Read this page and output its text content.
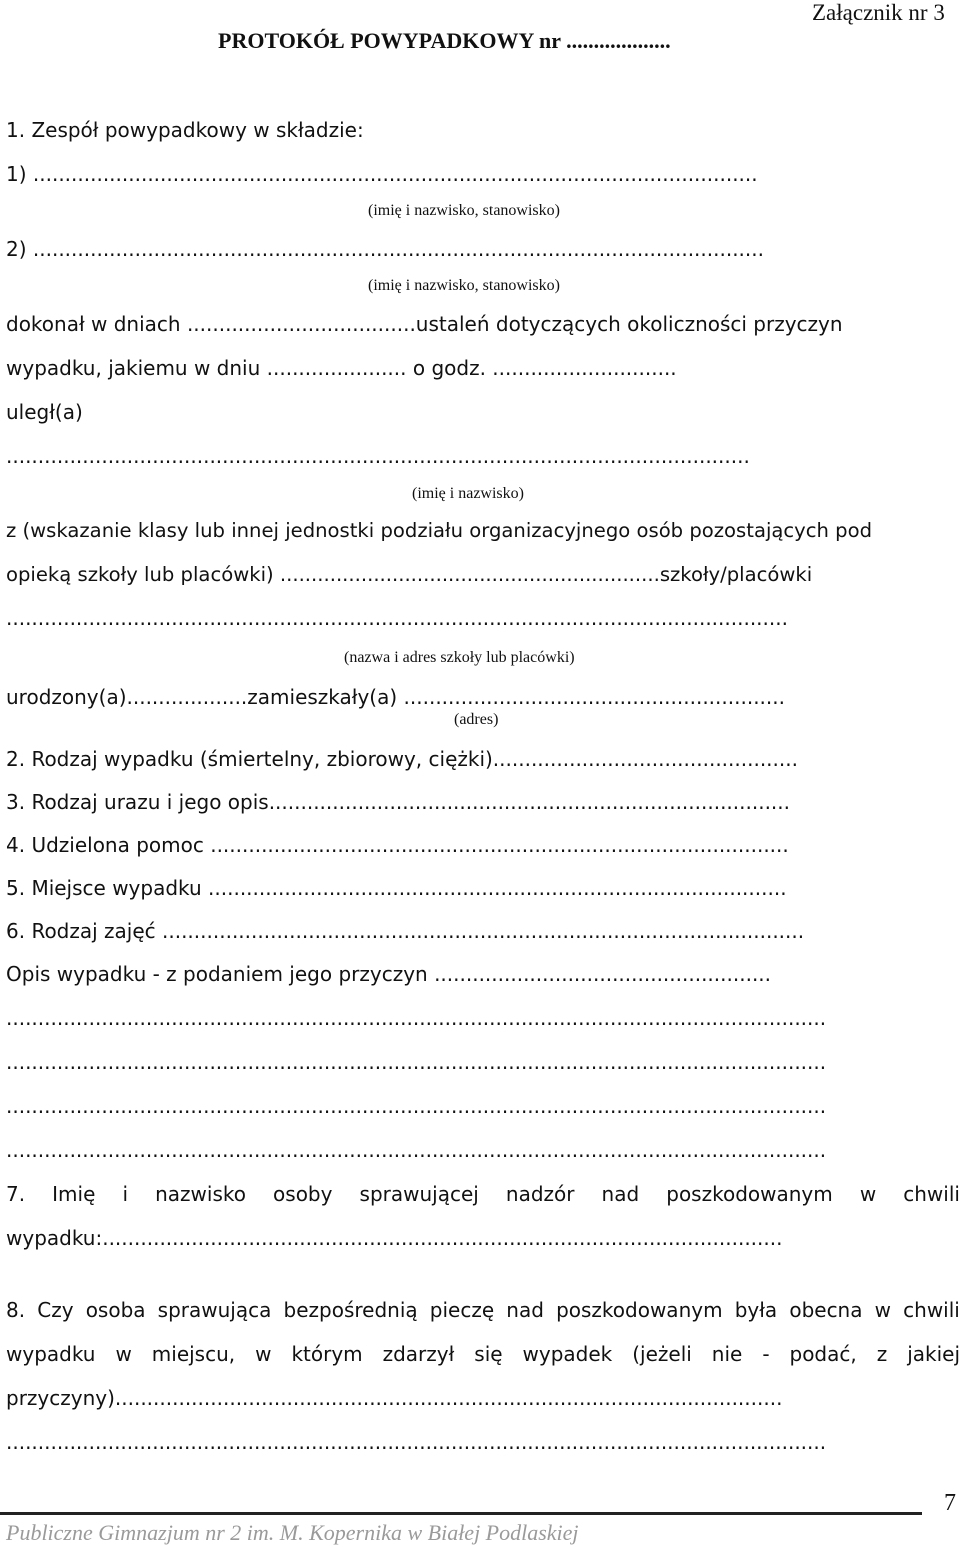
Załącznik nr 3
PROTOKÓŁ POWYPADKOWY nr ...................
1. Zespół powypadkowy w składzie:
1) ..................................................................................................................
(imię i nazwisko, stanowisko)
2) ...................................................................................................................
(imię i nazwisko, stanowisko)
dokonał w dniach ....................................ustaleń dotyczących okoliczności przyczyn
wypadku, jakiemu w dniu ...................... o godz. .............................
uległ(a)
.....................................................................................................................
(imię i nazwisko)
z (wskazanie klasy lub innej jednostki podziału organizacyjnego osób pozostających pod
opieką szkoły lub placówki) .............................................................szkoły/placówki
...........................................................................................................................
(nazwa i adres szkoły lub placówki)
urodzony(a)...................zamieszkały(a) ............................................................
(adres)
2. Rodzaj wypadku (śmiertelny, zbiorowy, ciężki)................................................
3. Rodzaj urazu i jego opis..................................................................................
4. Udzielona pomoc ...........................................................................................
5. Miejsce wypadku ...........................................................................................
6. Rodzaj zajęć .....................................................................................................
Opis wypadku - z podaniem jego przyczyn .....................................................
.................................................................................................................................
.................................................................................................................................
.................................................................................................................................
.................................................................................................................................
7. Imię i nazwisko osoby sprawującej nadzór nad poszkodowanym w chwili
wypadku:...........................................................................................................
8. Czy osoba sprawująca bezpośrednią pieczę nad poszkodowanym była obecna w chwili
wypadku w miejscu, w którym zdarzył się wypadek (jeżeli nie - podać, z jakiej
przyczyny).........................................................................................................
.................................................................................................................................
7
Publiczne Gimnazjum nr 2 im. M. Kopernika w Białej Podlaskiej
